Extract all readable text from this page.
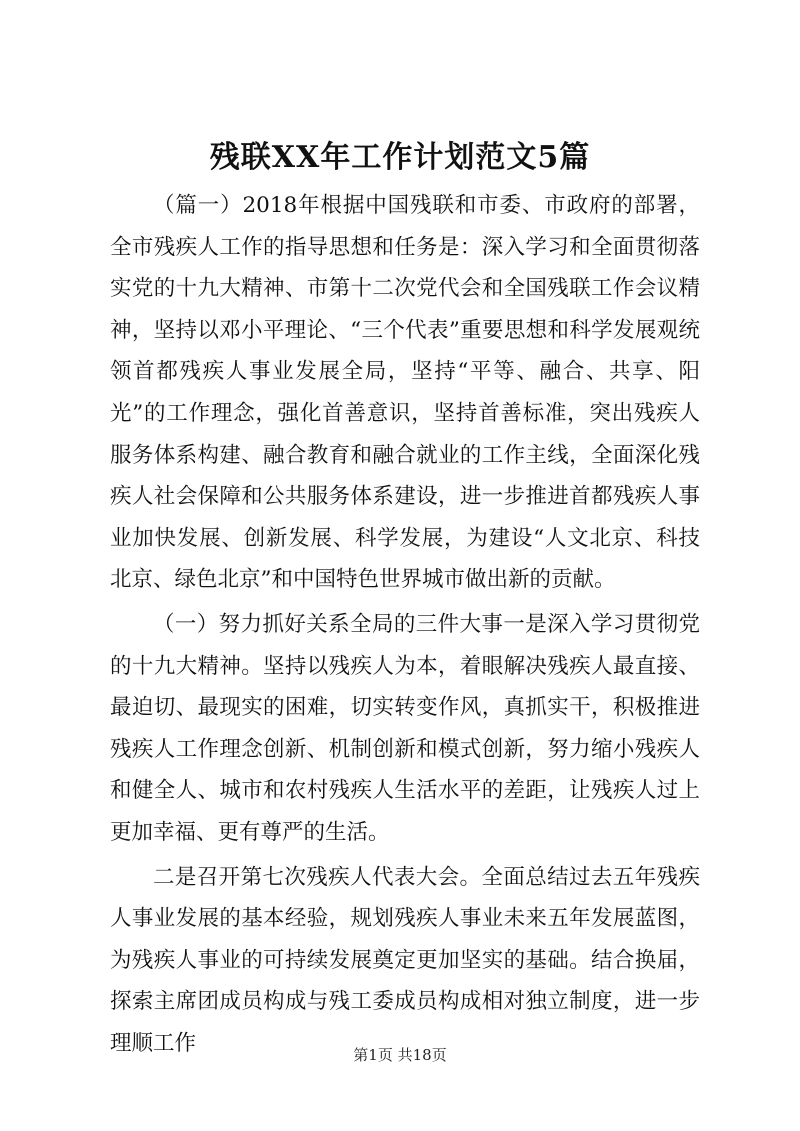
残联XX年工作计划范文5篇

（篇一）2018年根据中国残联和市委、市政府的部署，全市残疾人工作的指导思想和任务是：深入学习和全面贯彻落实党的十九大精神、市第十二次党代会和全国残联工作会议精神，坚持以邓小平理论、“三个代表”重要思想和科学发展观统领首都残疾人事业发展全局，坚持“平等、融合、共享、阳光”的工作理念，强化首善意识，坚持首善标准，突出残疾人服务体系构建、融合教育和融合就业的工作主线，全面深化残疾人社会保障和公共服务体系建设，进一步推进首都残疾人事业加快发展、创新发展、科学发展，为建设“人文北京、科技北京、绿色北京”和中国特色世界城市做出新的贡献。

（一）努力抓好关系全局的三件大事一是深入学习贯彻党的十九大精神。坚持以残疾人为本，着眼解决残疾人最直接、最迫切、最现实的困难，切实转变作风，真抓实干，积极推进残疾人工作理念创新、机制创新和模式创新，努力缩小残疾人和健全人、城市和农村残疾人生活水平的差距，让残疾人过上更加幸福、更有尊严的生活。

二是召开第七次残疾人代表大会。全面总结过去五年残疾人事业发展的基本经验，规划残疾人事业未来五年发展蓝图，为残疾人事业的可持续发展奠定更加坚实的基础。结合换届，探索主席团成员构成与残工委成员构成相对独立制度，进一步理顺工作	第1页 共18页
